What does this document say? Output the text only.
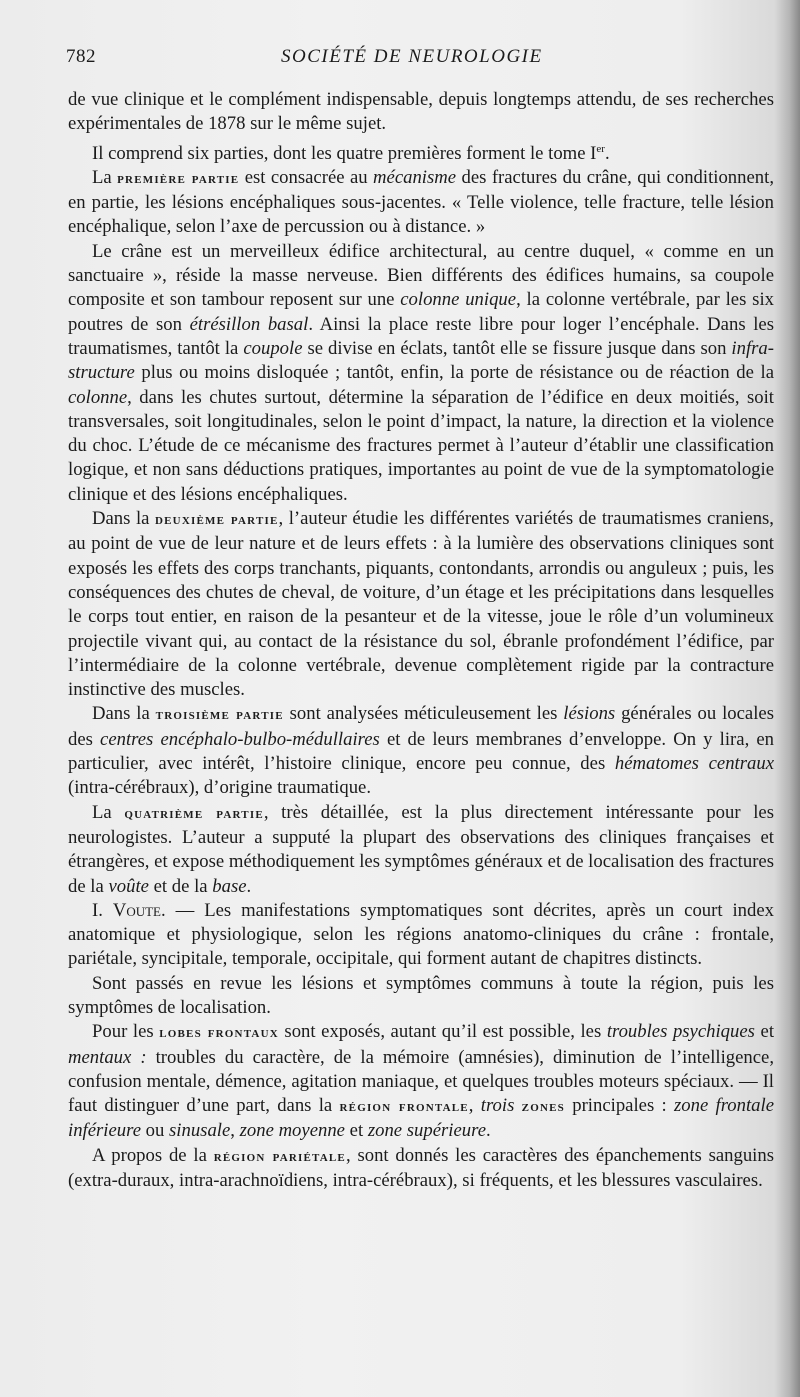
782	SOCIÉTÉ DE NEUROLOGIE

de vue clinique et le complément indispensable, depuis longtemps attendu, de ses recherches expérimentales de 1878 sur le même sujet.

Il comprend six parties, dont les quatre premières forment le tome Ier.

La première partie est consacrée au mécanisme des fractures du crâne, qui conditionnent, en partie, les lésions encéphaliques sous-jacentes. « Telle violence, telle fracture, telle lésion encéphalique, selon l’axe de percussion ou à distance. »

Le crâne est un merveilleux édifice architectural, au centre duquel, « comme en un sanctuaire », réside la masse nerveuse. Bien différents des édifices humains, sa coupole composite et son tambour reposent sur une colonne unique, la colonne vertébrale, par les six poutres de son étrésillon basal. Ainsi la place reste libre pour loger l’encéphale. Dans les traumatismes, tantôt la coupole se divise en éclats, tantôt elle se fissure jusque dans son infra-structure plus ou moins disloquée ; tantôt, enfin, la porte de résistance ou de réaction de la colonne, dans les chutes surtout, détermine la séparation de l’édifice en deux moitiés, soit transversales, soit longitudinales, selon le point d’impact, la nature, la direction et la violence du choc. L’étude de ce mécanisme des fractures permet à l’auteur d’établir une classification logique, et non sans déductions pratiques, importantes au point de vue de la symptomatologie clinique et des lésions encéphaliques.

Dans la deuxième partie, l’auteur étudie les différentes variétés de traumatismes craniens, au point de vue de leur nature et de leurs effets : à la lumière des observations cliniques sont exposés les effets des corps tranchants, piquants, contondants, arrondis ou anguleux ; puis, les conséquences des chutes de cheval, de voiture, d’un étage et les précipitations dans lesquelles le corps tout entier, en raison de la pesanteur et de la vitesse, joue le rôle d’un volumineux projectile vivant qui, au contact de la résistance du sol, ébranle profondément l’édifice, par l’intermédiaire de la colonne vertébrale, devenue complètement rigide par la contracture instinctive des muscles.

Dans la troisième partie sont analysées méticuleusement les lésions générales ou locales des centres encéphalo-bulbo-médullaires et de leurs membranes d’enveloppe. On y lira, en particulier, avec intérêt, l’histoire clinique, encore peu connue, des hématomes centraux (intra-cérébraux), d’origine traumatique.

La quatrième partie, très détaillée, est la plus directement intéressante pour les neurologistes. L’auteur a supputé la plupart des observations des cliniques françaises et étrangères, et expose méthodiquement les symptômes généraux et de localisation des fractures de la voûte et de la base.

I. Voute. — Les manifestations symptomatiques sont décrites, après un court index anatomique et physiologique, selon les régions anatomo-cliniques du crâne : frontale, pariétale, syncipitale, temporale, occipitale, qui forment autant de chapitres distincts.

Sont passés en revue les lésions et symptômes communs à toute la région, puis les symptômes de localisation.

Pour les lobes frontaux sont exposés, autant qu’il est possible, les troubles psychiques et mentaux : troubles du caractère, de la mémoire (amnésies), diminution de l’intelligence, confusion mentale, démence, agitation maniaque, et quelques troubles moteurs spéciaux. — Il faut distinguer d’une part, dans la région frontale, trois zones principales : zone frontale inférieure ou sinusale, zone moyenne et zone supérieure.

A propos de la région pariétale, sont donnés les caractères des épanchements sanguins (extra-duraux, intra-arachnoïdiens, intra-cérébraux), si fréquents, et les blessures vasculaires.
